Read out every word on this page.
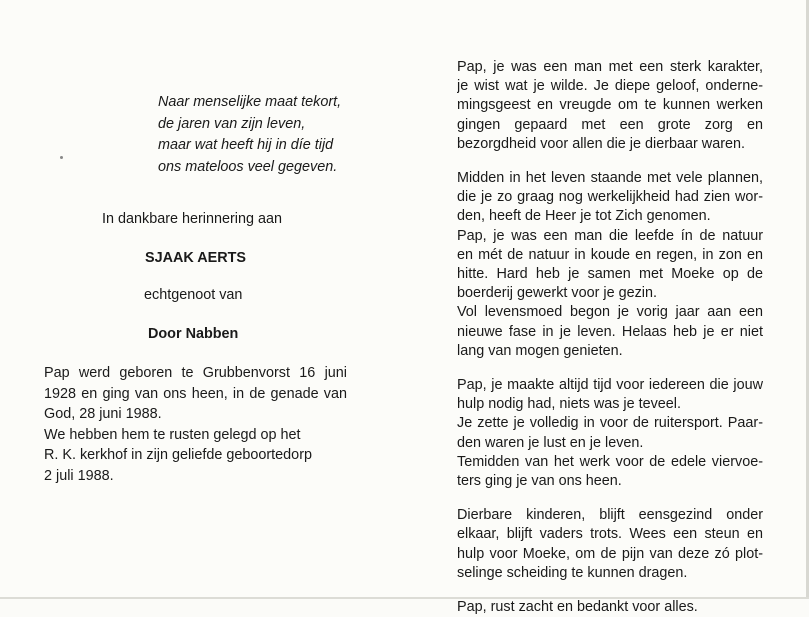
Naar menselijke maat tekort,
de jaren van zijn leven,
maar wat heeft hij in díe tijd
ons mateloos veel gegeven.
In dankbare herinnering aan
SJAAK AERTS
echtgenoot van
Door Nabben
Pap werd geboren te Grubbenvorst 16 juni
1928 en ging van ons heen, in de genade van
God, 28 juni 1988.
We hebben hem te rusten gelegd op het
R. K. kerkhof in zijn geliefde geboortedorp
2 juli 1988.

Pap, je was een man met een sterk karakter,
je wist wat je wilde. Je diepe geloof, onderne-
mingsgeest en vreugde om te kunnen werken
gingen gepaard met een grote zorg en
bezorgdheid voor allen die je dierbaar waren.

Midden in het leven staande met vele plannen,
die je zo graag nog werkelijkheid had zien wor-
den, heeft de Heer je tot Zich genomen.
Pap, je was een man die leefde ín de natuur
en mét de natuur in koude en regen, in zon en
hitte. Hard heb je samen met Moeke op de
boerderij gewerkt voor je gezin.
Vol levensmoed begon je vorig jaar aan een
nieuwe fase in je leven. Helaas heb je er niet
lang van mogen genieten.

Pap, je maakte altijd tijd voor iedereen die jouw
hulp nodig had, niets was je teveel.
Je zette je volledig in voor de ruitersport. Paar-
den waren je lust en je leven.
Temidden van het werk voor de edele viervoe-
ters ging je van ons heen.

Dierbare kinderen, blijft eensgezind onder
elkaar, blijft vaders trots. Wees een steun en
hulp voor Moeke, om de pijn van deze zó plot-
selinge scheiding te kunnen dragen.

Pap, rust zacht en bedankt voor alles.
